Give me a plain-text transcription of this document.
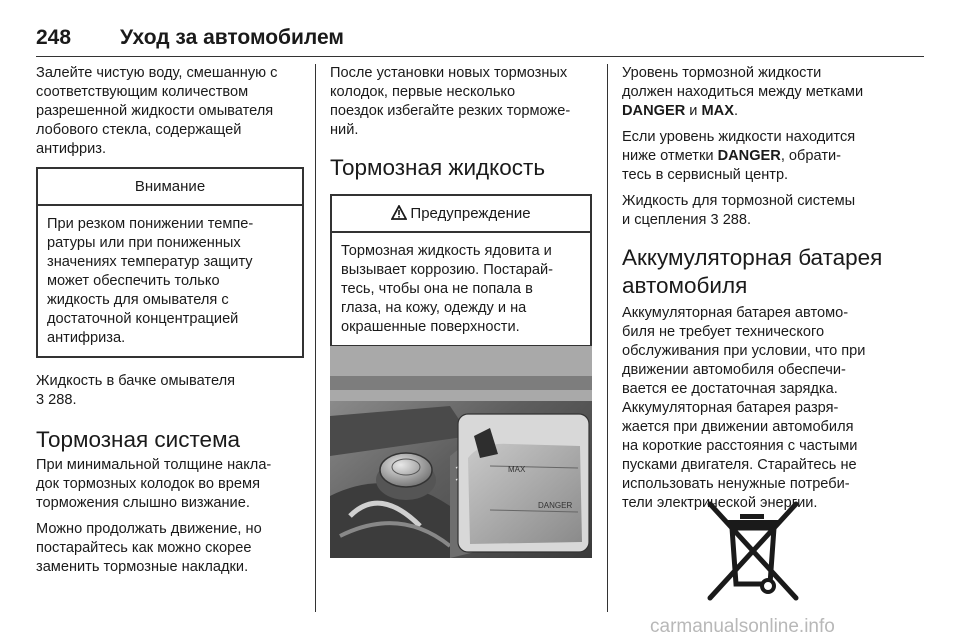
248 Уход за автомобилем

Залейте чистую воду, смешанную с
соответствующим количеством
разрешенной жидкости омывателя
лобового стекла, содержащей
антифриз.

Внимание
При резком понижении темпе-
ратуры или при пониженных
значениях температур защиту
может обеспечить только
жидкость для омывателя с
достаточной концентрацией
антифриза.

Жидкость в бачке омывателя
3 288.

Тормозная система

При минимальной толщине накла-
док тормозных колодок во время
торможения слышно визжание.

Можно продолжать движение, но
постарайтесь как можно скорее
заменить тормозные накладки.

После установки новых тормозных
колодок, первые несколько
поездок избегайте резких торможе-
ний.

Тормозная жидкость
Предупреждение
Тормозная жидкость ядовита и
вызывает коррозию. Постарай-
тесь, чтобы она не попала в
глаза, на кожу, одежду и на
окрашенные поверхности.
MAX
DANGER

Уровень тормозной жидкости
должен находиться между метками
DANGER и MAX.

Если уровень жидкости находится
ниже отметки DANGER, обрати-
тесь в сервисный центр.

Жидкость для тормозной системы
и сцепления 3 288.

Аккумуляторная батарея
автомобиля

Аккумуляторная батарея автомо-
биля не требует технического
обслуживания при условии, что при
движении автомобиля обеспечи-
вается ее достаточная зарядка.
Аккумуляторная батарея разря-
жается при движении автомобиля
на короткие расстояния с частыми
пусками двигателя. Старайтесь не
использовать ненужные потреби-
тели электрической энергии.

carmanualsonline.info
